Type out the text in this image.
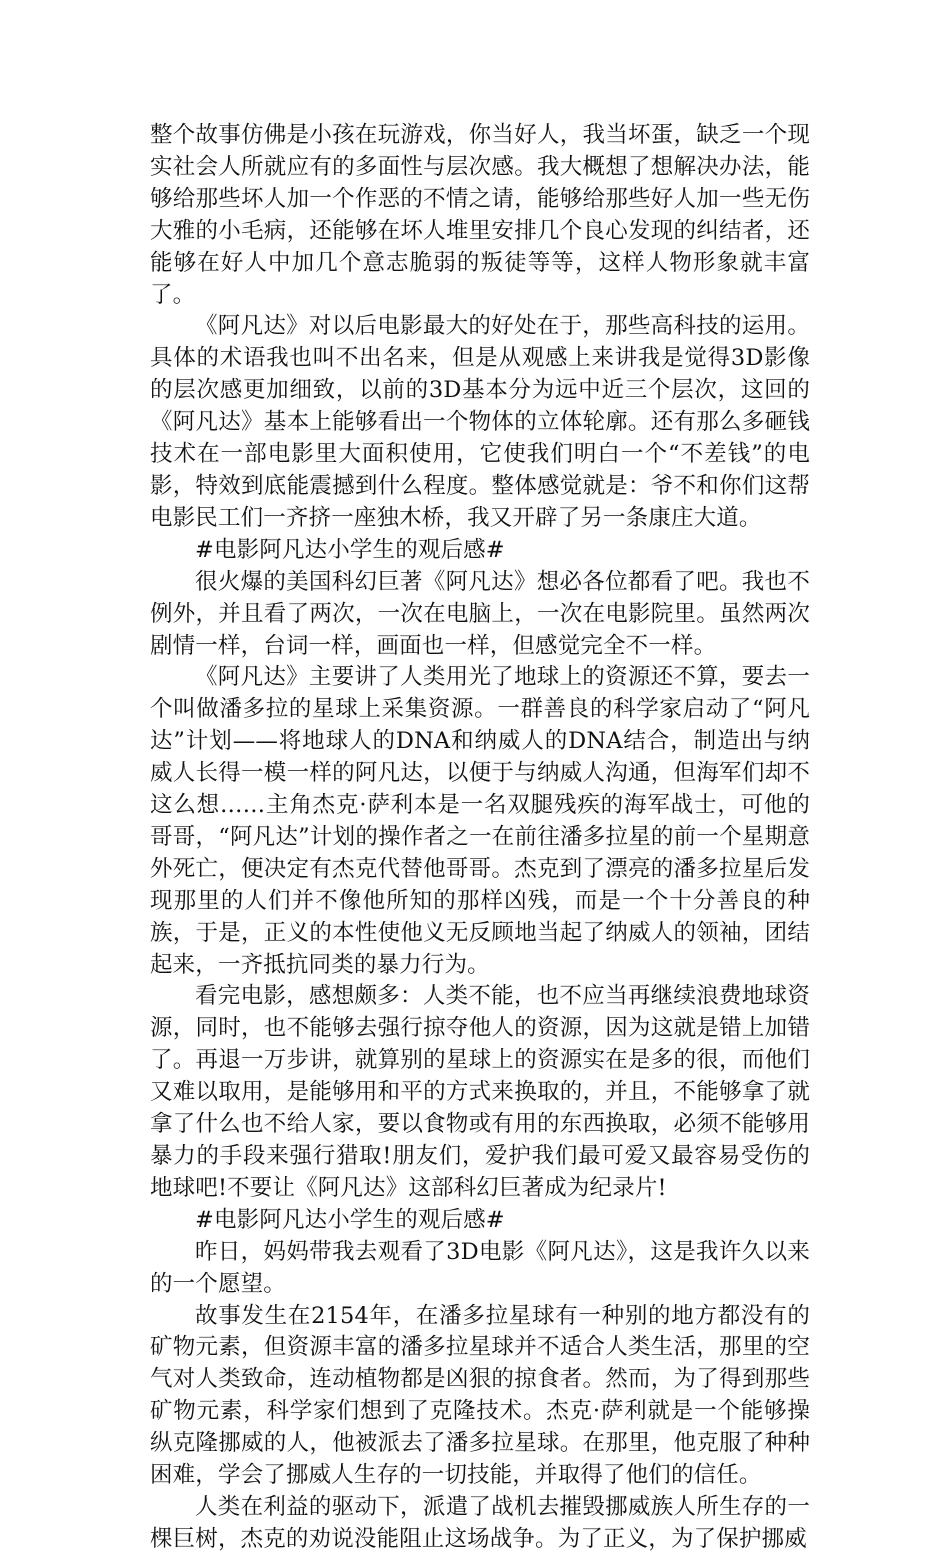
整个故事仿佛是小孩在玩游戏，你当好人，我当坏蛋，缺乏一个现实社会人所就应有的多面性与层次感。我大概想了想解决办法，能够给那些坏人加一个作恶的不情之请，能够给那些好人加一些无伤大雅的小毛病，还能够在坏人堆里安排几个良心发现的纠结者，还能够在好人中加几个意志脆弱的叛徒等等，这样人物形象就丰富了。

《阿凡达》对以后电影最大的好处在于，那些高科技的运用。具体的术语我也叫不出名来，但是从观感上来讲我是觉得3D影像的层次感更加细致，以前的3D基本分为远中近三个层次，这回的《阿凡达》基本上能够看出一个物体的立体轮廓。还有那么多砸钱技术在一部电影里大面积使用，它使我们明白一个“不差钱”的电影，特效到底能震撼到什么程度。整体感觉就是：爷不和你们这帮电影民工们一齐挤一座独木桥，我又开辟了另一条康庄大道。

#电影阿凡达小学生的观后感#

很火爆的美国科幻巨著《阿凡达》想必各位都看了吧。我也不例外，并且看了两次，一次在电脑上，一次在电影院里。虽然两次剧情一样，台词一样，画面也一样，但感觉完全不一样。

《阿凡达》主要讲了人类用光了地球上的资源还不算，要去一个叫做潘多拉的星球上采集资源。一群善良的科学家启动了“阿凡达”计划——将地球人的DNA和纳威人的DNA结合，制造出与纳威人长得一模一样的阿凡达，以便于与纳威人沟通，但海军们却不这么想……主角杰克·萨利本是一名双腿残疾的海军战士，可他的哥哥，“阿凡达”计划的操作者之一在前往潘多拉星的前一个星期意外死亡，便决定有杰克代替他哥哥。杰克到了漂亮的潘多拉星后发现那里的人们并不像他所知的那样凶残，而是一个十分善良的种族，于是，正义的本性使他义无反顾地当起了纳威人的领袖，团结起来，一齐抵抗同类的暴力行为。

看完电影，感想颇多：人类不能，也不应当再继续浪费地球资源，同时，也不能够去强行掠夺他人的资源，因为这就是错上加错了。再退一万步讲，就算别的星球上的资源实在是多的很，而他们又难以取用，是能够用和平的方式来换取的，并且，不能够拿了就拿了什么也不给人家，要以食物或有用的东西换取，必须不能够用暴力的手段来强行猎取!朋友们，爱护我们最可爱又最容易受伤的地球吧!不要让《阿凡达》这部科幻巨著成为纪录片!

#电影阿凡达小学生的观后感#

昨日，妈妈带我去观看了3D电影《阿凡达》，这是我许久以来的一个愿望。

故事发生在2154年，在潘多拉星球有一种别的地方都没有的矿物元素，但资源丰富的潘多拉星球并不适合人类生活，那里的空气对人类致命，连动植物都是凶狠的掠食者。然而，为了得到那些矿物元素，科学家们想到了克隆技术。杰克·萨利就是一个能够操纵克隆挪威的人，他被派去了潘多拉星球。在那里，他克服了种种困难，学会了挪威人生存的一切技能，并取得了他们的信任。

人类在利益的驱动下，派遣了战机去摧毁挪威族人所生存的一棵巨树，杰克的劝说没能阻止这场战争。为了正义，为了保护挪威
